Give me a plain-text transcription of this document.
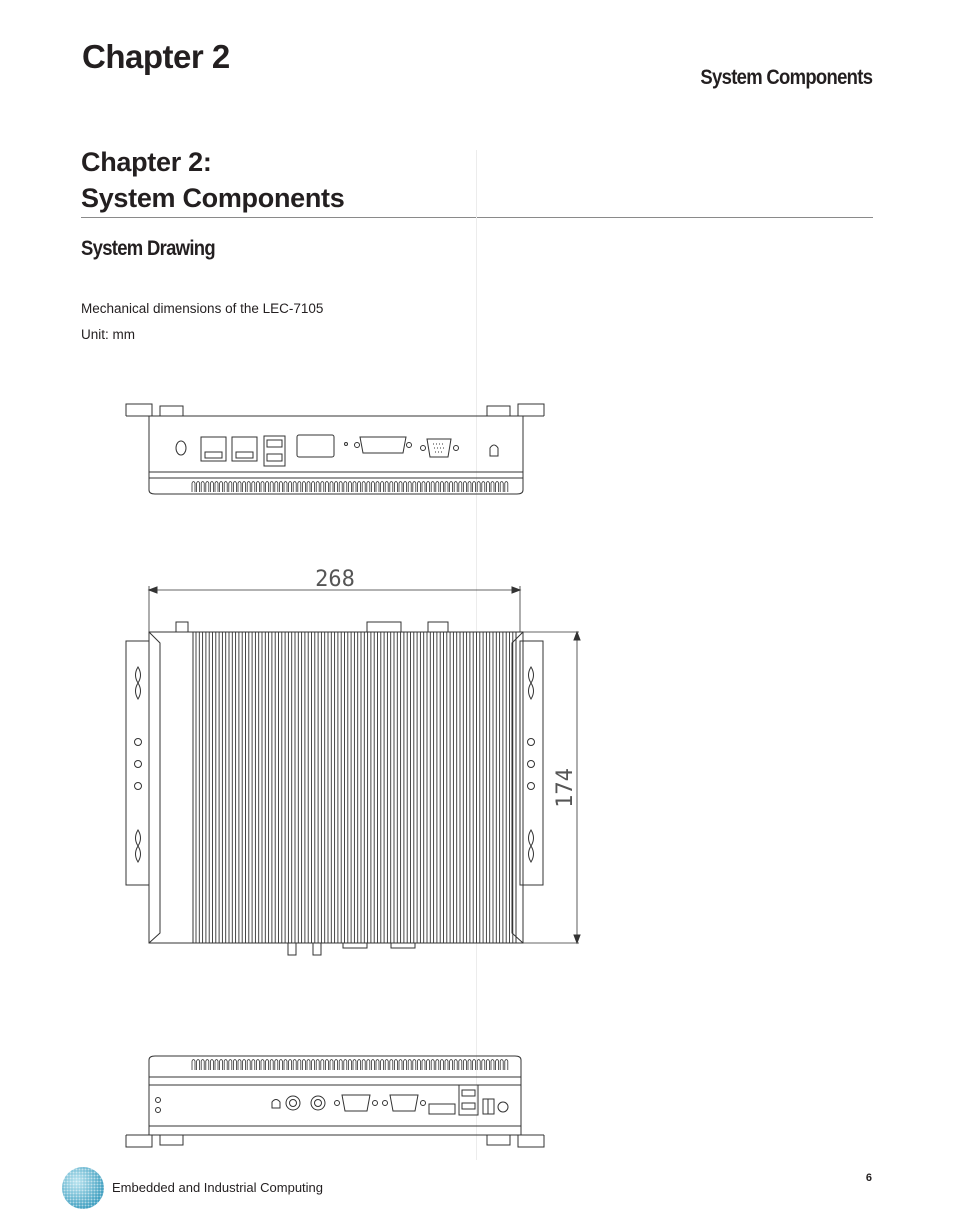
Chapter 2
System Components
Chapter 2:
System Components
System Drawing
Mechanical dimensions of the LEC-7105
Unit: mm
268
174
Embedded and Industrial Computing
6
